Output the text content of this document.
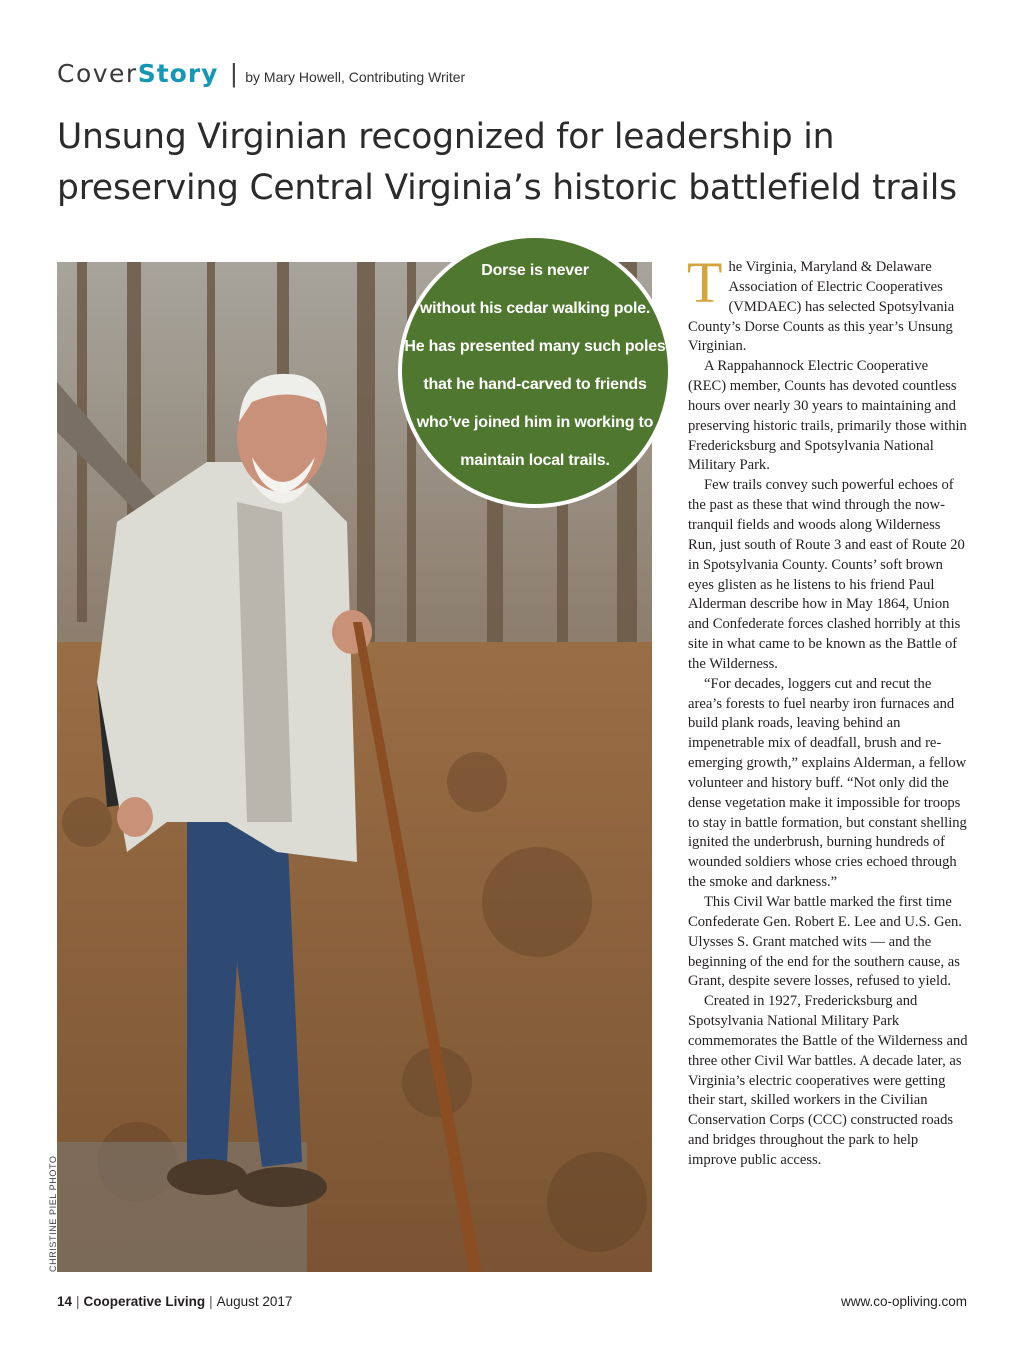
Cover Story | by Mary Howell, Contributing Writer
Unsung Virginian recognized for leadership in preserving Central Virginia’s historic battlefield trails
CHRISTINE PIEL PHOTO
Dorse is never
without his cedar walking pole.
He has presented many such poles
that he hand-carved to friends
who’ve joined him in working to
maintain local trails.

The Virginia, Maryland & Delaware Association of Electric Cooperatives (VMDAEC) has selected Spotsylvania County’s Dorse Counts as this year’s Unsung Virginian.

A Rappahannock Electric Cooperative (REC) member, Counts has devoted countless hours over nearly 30 years to maintaining and preserving historic trails, primarily those within Fredericksburg and Spotsylvania National Military Park.

Few trails convey such powerful echoes of the past as these that wind through the now-tranquil fields and woods along Wilderness Run, just south of Route 3 and east of Route 20 in Spotsylvania County. Counts’ soft brown eyes glisten as he listens to his friend Paul Alderman describe how in May 1864, Union and Confederate forces clashed horribly at this site in what came to be known as the Battle of the Wilderness.

“For decades, loggers cut and recut the area’s forests to fuel nearby iron furnaces and build plank roads, leaving behind an impenetrable mix of deadfall, brush and re-emerging growth,” explains Alderman, a fellow volunteer and history buff. “Not only did the dense vegetation make it impossible for troops to stay in battle formation, but constant shelling ignited the underbrush, burning hundreds of wounded soldiers whose cries echoed through the smoke and darkness.”

This Civil War battle marked the first time Confederate Gen. Robert E. Lee and U.S. Gen. Ulysses S. Grant matched wits — and the beginning of the end for the southern cause, as Grant, despite severe losses, refused to yield.

Created in 1927, Fredericksburg and Spotsylvania National Military Park commemorates the Battle of the Wilderness and three other Civil War battles. A decade later, as Virginia’s electric cooperatives were getting their start, skilled workers in the Civilian Conservation Corps (CCC) constructed roads and bridges throughout the park to help improve public access.

14 | Cooperative Living | August 2017	www.co-opliving.com
